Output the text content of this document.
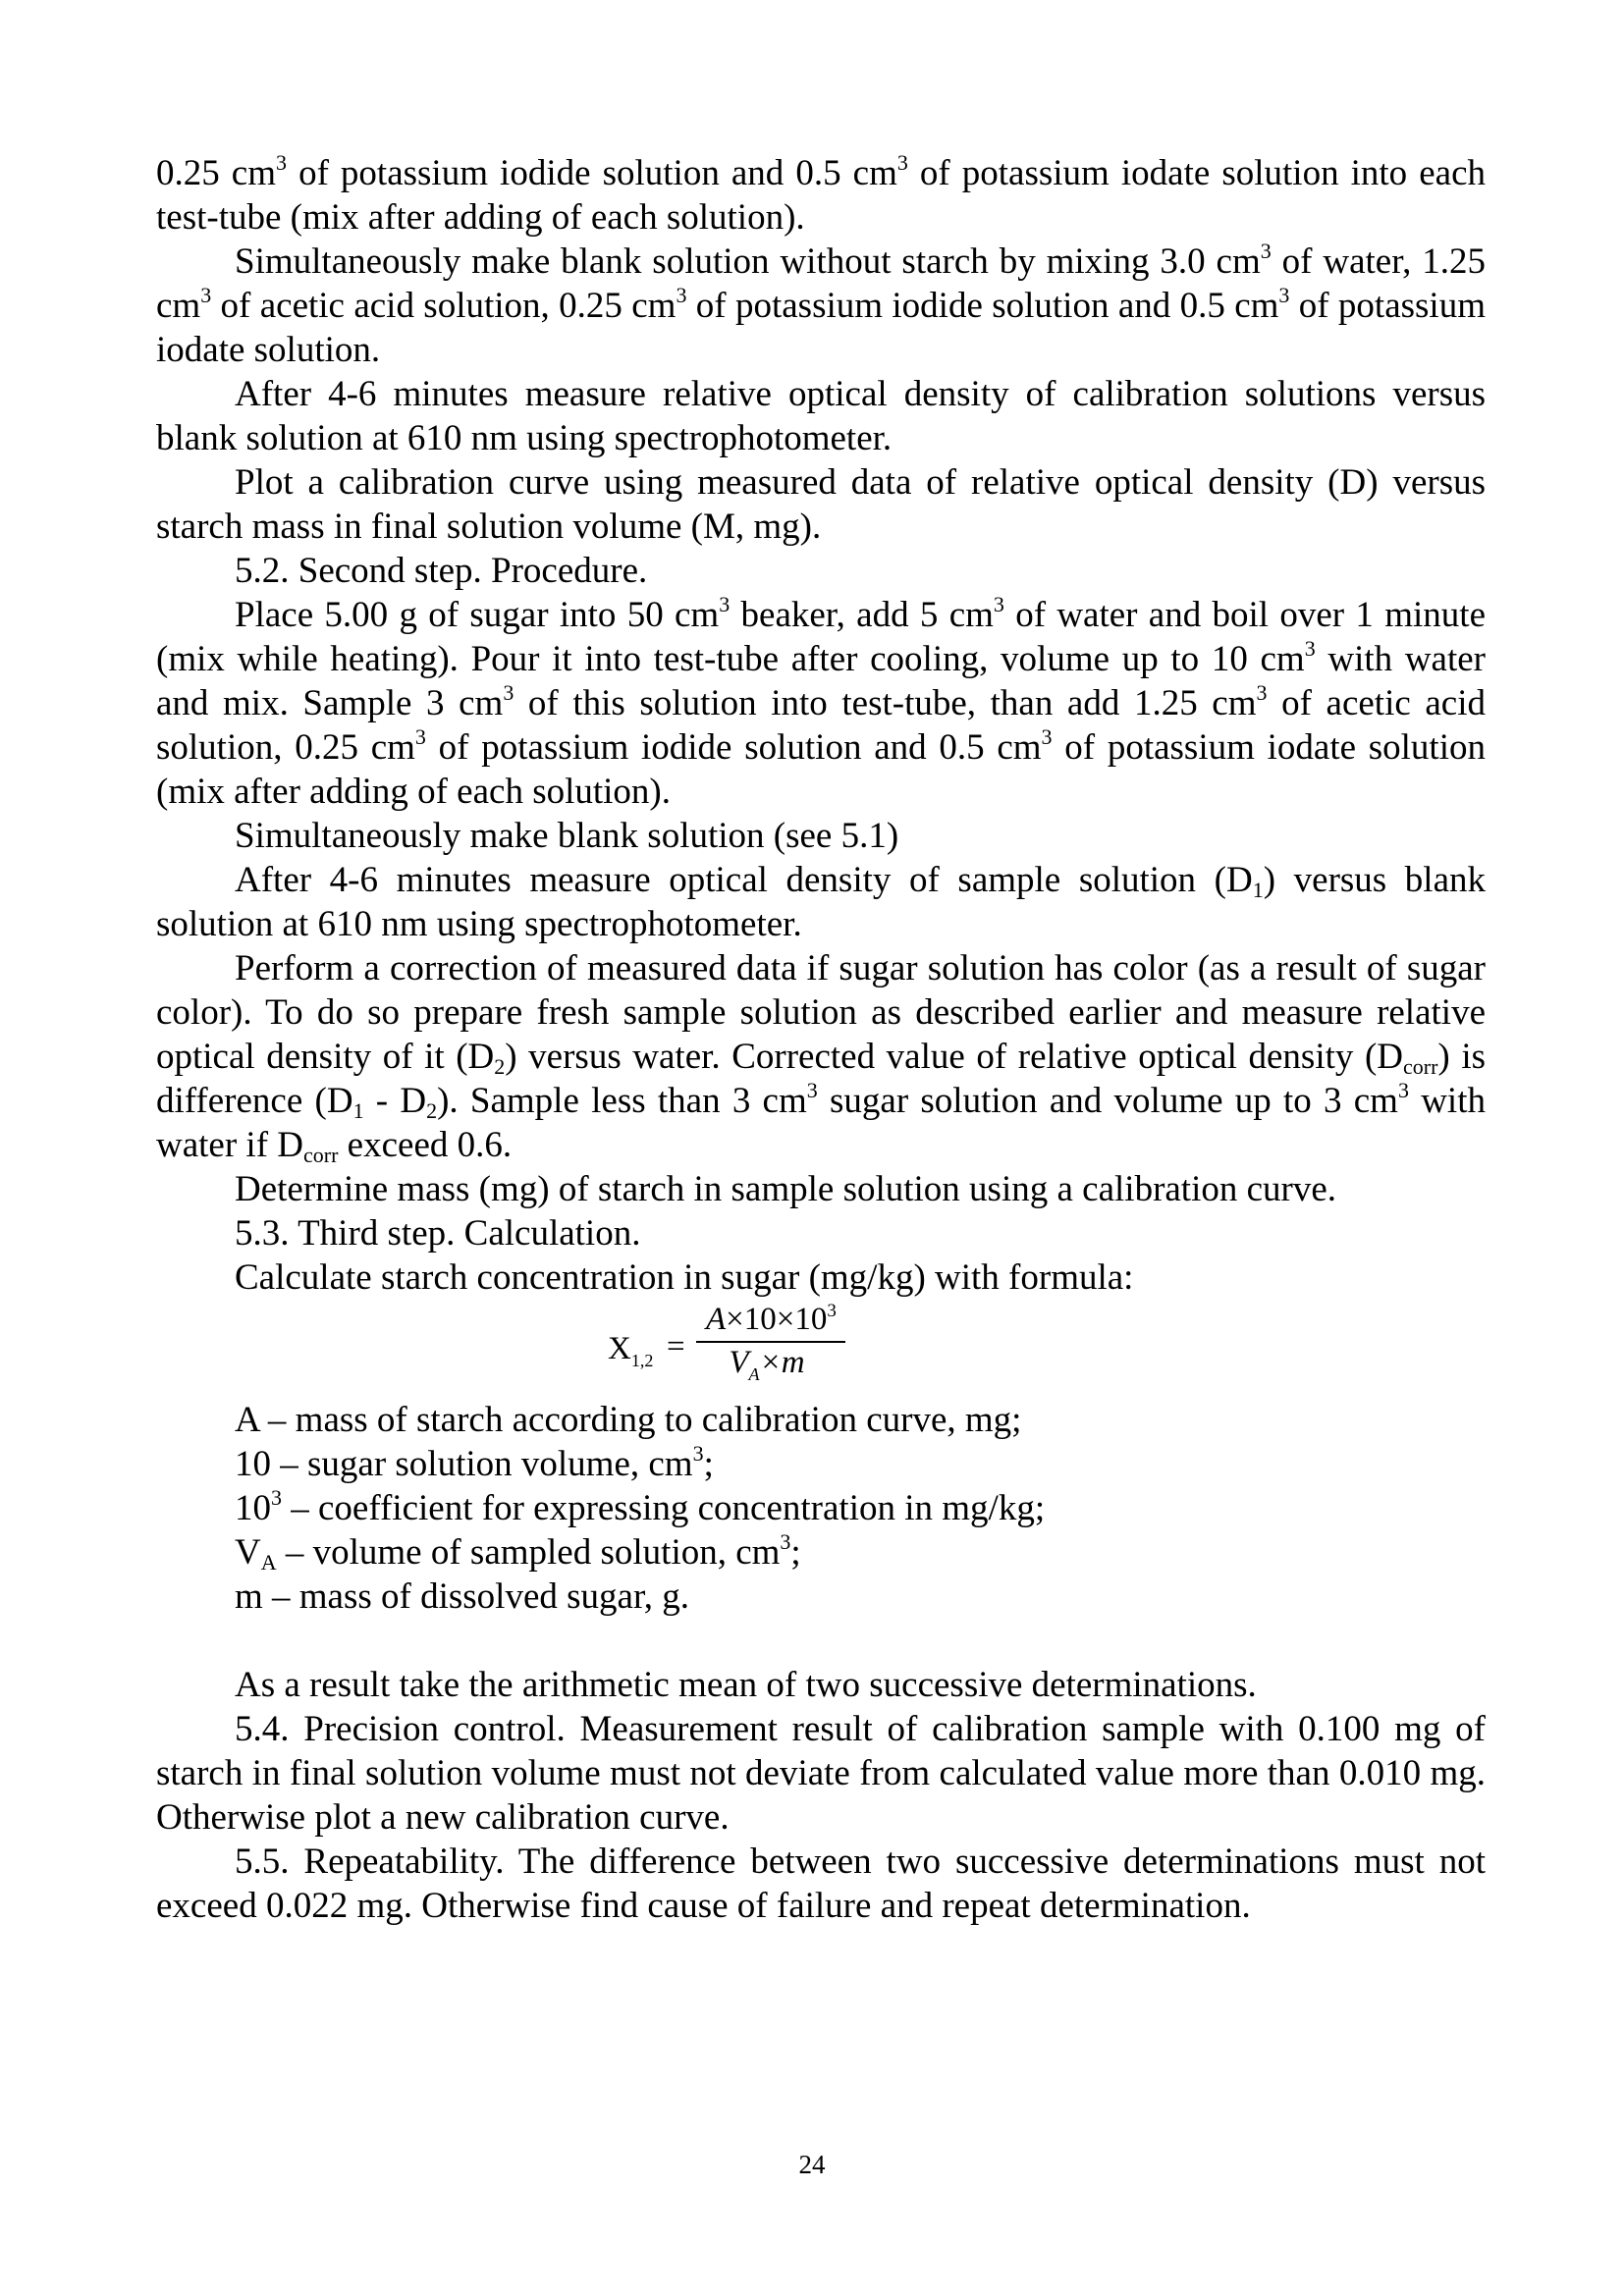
0.25 $cm^3$ of potassium iodide solution and 0.5 $cm^3$ of potassium iodate solution into each test-tube (mix after adding of each solution).

Simultaneously make blank solution without starch by mixing 3.0 $cm^3$ of water, 1.25 $cm^3$ of acetic acid solution, 0.25 $cm^3$ of potassium iodide solution and 0.5 $cm^3$ of potassium iodate solution.

After 4-6 minutes measure relative optical density of calibration solutions versus blank solution at 610 nm using spectrophotometer.

Plot a calibration curve using measured data of relative optical density (D) versus starch mass in final solution volume (M, mg).

5.2. Second step. Procedure.

Place 5.00 g of sugar into 50 $cm^3$ beaker, add 5 $cm^3$ of water and boil over 1 minute (mix while heating). Pour it into test-tube after cooling, volume up to 10 $cm^3$ with water and mix. Sample 3 $cm^3$ of this solution into test-tube, than add 1.25 $cm^3$ of acetic acid solution, 0.25 $cm^3$ of potassium iodide solution and 0.5 $cm^3$ of potassium iodate solution (mix after adding of each solution).

Simultaneously make blank solution (see 5.1)

After 4-6 minutes measure optical density of sample solution $(D_1)$ versus blank solution at 610 nm using spectrophotometer.

Perform a correction of measured data if sugar solution has color (as a result of sugar color). To do so prepare fresh sample solution as described earlier and measure relative optical density of it $(D_2)$ versus water. Corrected value of relative optical density $(D_{corr})$ is difference $(D_1 - D_2)$. Sample less than 3 $cm^3$ sugar solution and volume up to 3 $cm^3$ with water if $D_{corr}$ exceed 0.6.

Determine mass (mg) of starch in sample solution using a calibration curve.

5.3. Third step. Calculation.

Calculate starch concentration in sugar (mg/kg) with formula:

$X_{1,2}$ =
$A\times 10\times 10^3$
$V_A\times m$

A – mass of starch according to calibration curve, mg;

10 – sugar solution volume, $cm^3$;

$10^3$ – coefficient for expressing concentration in mg/kg;

$V_A$ – volume of sampled solution, $cm^3$;

m – mass of dissolved sugar, g.

As a result take the arithmetic mean of two successive determinations.

5.4. Precision control. Measurement result of calibration sample with 0.100 mg of starch in final solution volume must not deviate from calculated value more than 0.010 mg. Otherwise plot a new calibration curve.

5.5. Repeatability. The difference between two successive determinations must not exceed 0.022 mg. Otherwise find cause of failure and repeat determination.

24
